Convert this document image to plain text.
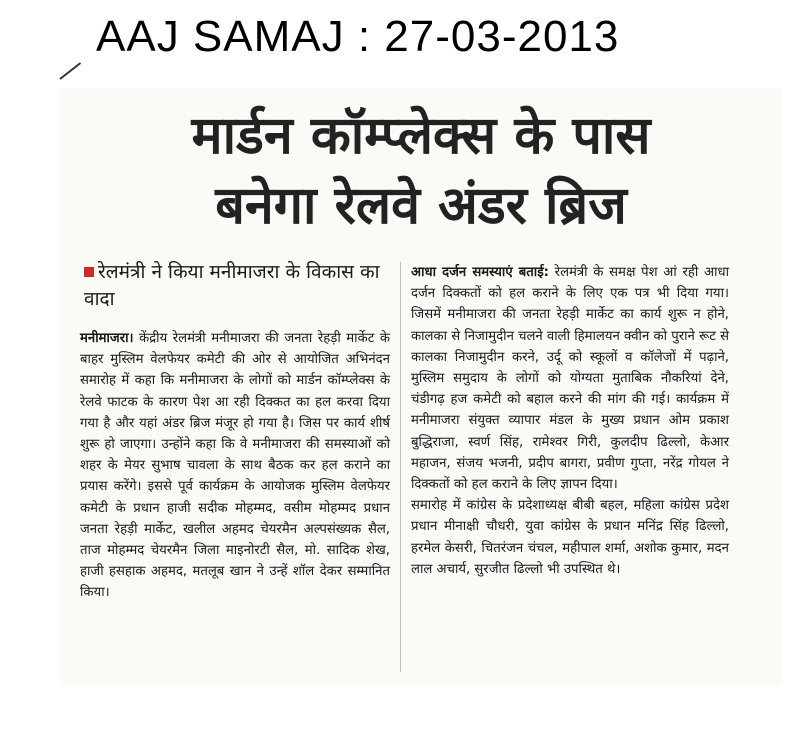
AAJ SAMAJ : 27-03-2013
मार्डन कॉम्प्लेक्स के पास
बनेगा रेलवे अंडर ब्रिज
रेलमंत्री ने किया मनीमाजरा के विकास का वादा

मनीमाजरा। केंद्रीय रेलमंत्री मनीमाजरा की जनता रेहड़ी मार्केट के बाहर मुस्लिम वेलफेयर कमेटी की ओर से आयोजित अभिनंदन समारोह में कहा कि मनीमाजरा के लोगों को मार्डन कॉम्प्लेक्स के रेलवे फाटक के कारण पेश आ रही दिक्कत का हल करवा दिया गया है और यहां अंडर ब्रिज मंजूर हो गया है। जिस पर कार्य शीर्ष शुरू हो जाएगा। उन्होंने कहा कि वे मनीमाजरा की समस्याओं को शहर के मेयर सुभाष चावला के साथ बैठक कर हल कराने का प्रयास करेंगे। इससे पूर्व कार्यक्रम के आयोजक मुस्लिम वेलफेयर कमेटी के प्रधान हाजी सदीक मोहम्मद, वसीम मोहम्मद प्रधान जनता रेहड़ी मार्केट, खलील अहमद चेयरमैन अल्पसंख्यक सैल, ताज मोहम्मद चेयरमैन जिला माइनोरटी सैल, मो. सादिक शेख, हाजी हसहाक अहमद, मतलूब खान ने उन्हें शॉल देकर सम्मानित किया।

आधा दर्जन समस्याएं बताई: रेलमंत्री के समक्ष पेश आं रही आधा दर्जन दिक्कतों को हल कराने के लिए एक पत्र भी दिया गया। जिसमें मनीमाजरा की जनता रेहड़ी मार्केट का कार्य शुरू न होने, कालका से निजामुदीन चलने वाली हिमालयन क्वीन को पुराने रूट से कालका निजामुदीन करने, उर्दू को स्कूलों व कॉलेजों में पढ़ाने, मुस्लिम समुदाय के लोगों को योग्यता मुताबिक नौकरियां देने, चंडीगढ़ हज कमेटी को बहाल करने की मांग की गई। कार्यक्रम में मनीमाजरा संयुक्त व्यापार मंडल के मुख्य प्रधान ओम प्रकाश बुद्धिराजा, स्वर्ण सिंह, रामेश्वर गिरी, कुलदीप ढिल्लो, केआर महाजन, संजय भजनी, प्रदीप बागरा, प्रवीण गुप्ता, नरेंद्र गोयल ने दिक्कतों को हल कराने के लिए ज्ञापन दिया।

समारोह में कांग्रेस के प्रदेशाध्यक्ष बीबी बहल, महिला कांग्रेस प्रदेश प्रधान मीनाक्षी चौधरी, युवा कांग्रेस के प्रधान मनिंद्र सिंह ढिल्लो, हरमेल केसरी, चितरंजन चंचल, महीपाल शर्मा, अशोक कुमार, मदन लाल अचार्य, सुरजीत ढिल्लो भी उपस्थित थे।
